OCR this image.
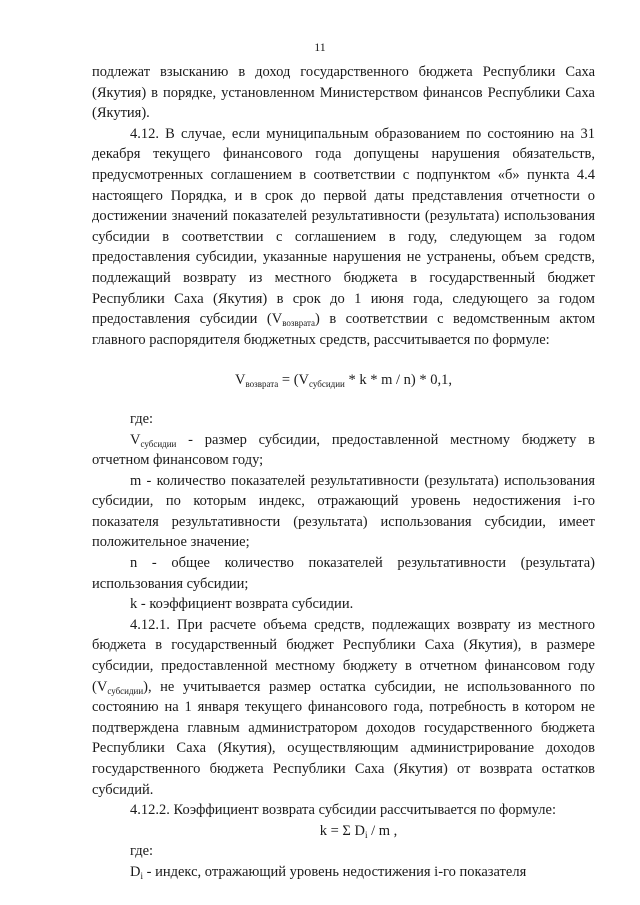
11

подлежат взысканию в доход государственного бюджета Республики Саха (Якутия) в порядке, установленном Министерством финансов Республики Саха (Якутия).

4.12. В случае, если муниципальным образованием по состоянию на 31 декабря текущего финансового года допущены нарушения обязательств, предусмотренных соглашением в соответствии с подпунктом «б» пункта 4.4 настоящего Порядка, и в срок до первой даты представления отчетности о достижении значений показателей результативности (результата) использования субсидии в соответствии с соглашением в году, следующем за годом предоставления субсидии, указанные нарушения не устранены, объем средств, подлежащий возврату из местного бюджета в государственный бюджет Республики Саха (Якутия) в срок до 1 июня года, следующего за годом предоставления субсидии $(V_{возврата})$ в соответствии с ведомственным актом главного распорядителя бюджетных средств, рассчитывается по формуле:

$V_{возврата} = (V_{субсидии} * k * m / n) * 0,1$,

где:

$V_{субсидии}$ - размер субсидии, предоставленной местному бюджету в отчетном финансовом году;

m - количество показателей результативности (результата) использования субсидии, по которым индекс, отражающий уровень недостижения i-го показателя результативности (результата) использования субсидии, имеет положительное значение;

n - общее количество показателей результативности (результата) использования субсидии;

k - коэффициент возврата субсидии.

4.12.1. При расчете объема средств, подлежащих возврату из местного бюджета в государственный бюджет Республики Саха (Якутия), в размере субсидии, предоставленной местному бюджету в отчетном финансовом году $(V_{субсидии})$, не учитывается размер остатка субсидии, не использованного по состоянию на 1 января текущего финансового года, потребность в котором не подтверждена главным администратором доходов государственного бюджета Республики Саха (Якутия), осуществляющим администрирование доходов государственного бюджета Республики Саха (Якутия) от возврата остатков субсидий.

4.12.2. Коэффициент возврата субсидии рассчитывается по формуле:

k = Σ $D_i$ / m ,

где:

$D_i$ - индекс, отражающий уровень недостижения i-го показателя
